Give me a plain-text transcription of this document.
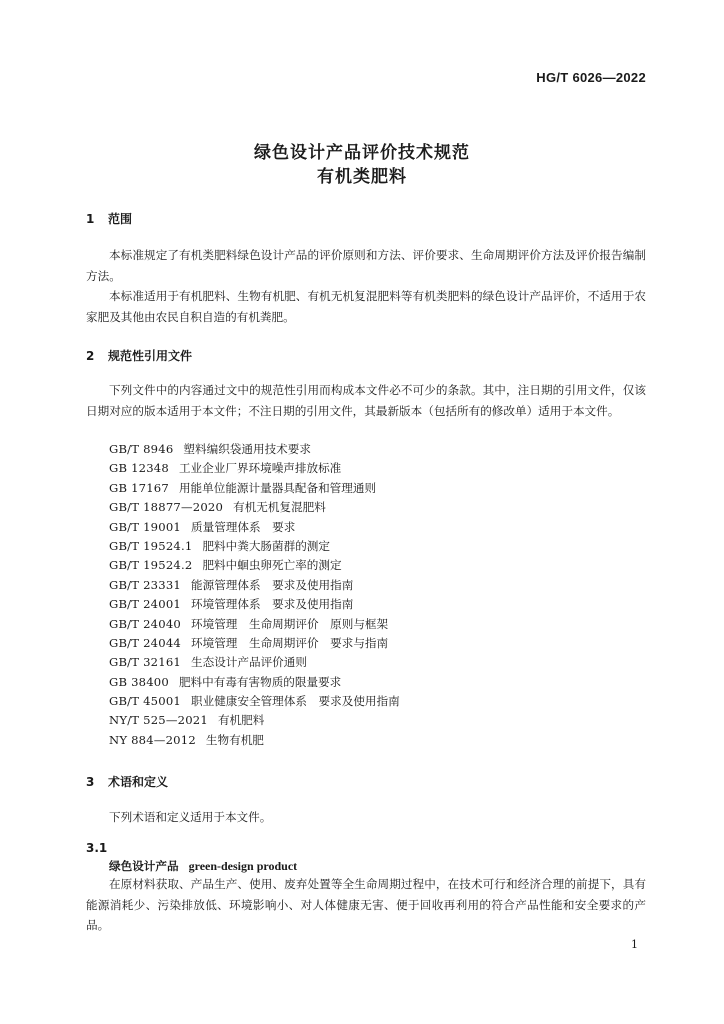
HG/T 6026—2022
绿色设计产品评价技术规范
有机类肥料
1 范围

本标准规定了有机类肥料绿色设计产品的评价原则和方法、评价要求、生命周期评价方法及评价报告编制方法。

本标准适用于有机肥料、生物有机肥、有机无机复混肥料等有机类肥料的绿色设计产品评价，不适用于农家肥及其他由农民自积自造的有机粪肥。

2 规范性引用文件

下列文件中的内容通过文中的规范性引用而构成本文件必不可少的条款。其中，注日期的引用文件，仅该日期对应的版本适用于本文件；不注日期的引用文件，其最新版本（包括所有的修改单）适用于本文件。

GB/T 8946 塑料编织袋通用技术要求
GB 12348 工业企业厂界环境噪声排放标准
GB 17167 用能单位能源计量器具配备和管理通则
GB/T 18877—2020 有机无机复混肥料
GB/T 19001 质量管理体系　要求
GB/T 19524.1 肥料中粪大肠菌群的测定
GB/T 19524.2 肥料中蛔虫卵死亡率的测定
GB/T 23331 能源管理体系　要求及使用指南
GB/T 24001 环境管理体系　要求及使用指南
GB/T 24040 环境管理　生命周期评价　原则与框架
GB/T 24044 环境管理　生命周期评价　要求与指南
GB/T 32161 生态设计产品评价通则
GB 38400 肥料中有毒有害物质的限量要求
GB/T 45001 职业健康安全管理体系　要求及使用指南
NY/T 525—2021 有机肥料
NY 884—2012 生物有机肥
3 术语和定义

下列术语和定义适用于本文件。

3.1
绿色设计产品 green-design product

在原材料获取、产品生产、使用、废弃处置等全生命周期过程中，在技术可行和经济合理的前提下，具有能源消耗少、污染排放低、环境影响小、对人体健康无害、便于回收再利用的符合产品性能和安全要求的产品。

1
